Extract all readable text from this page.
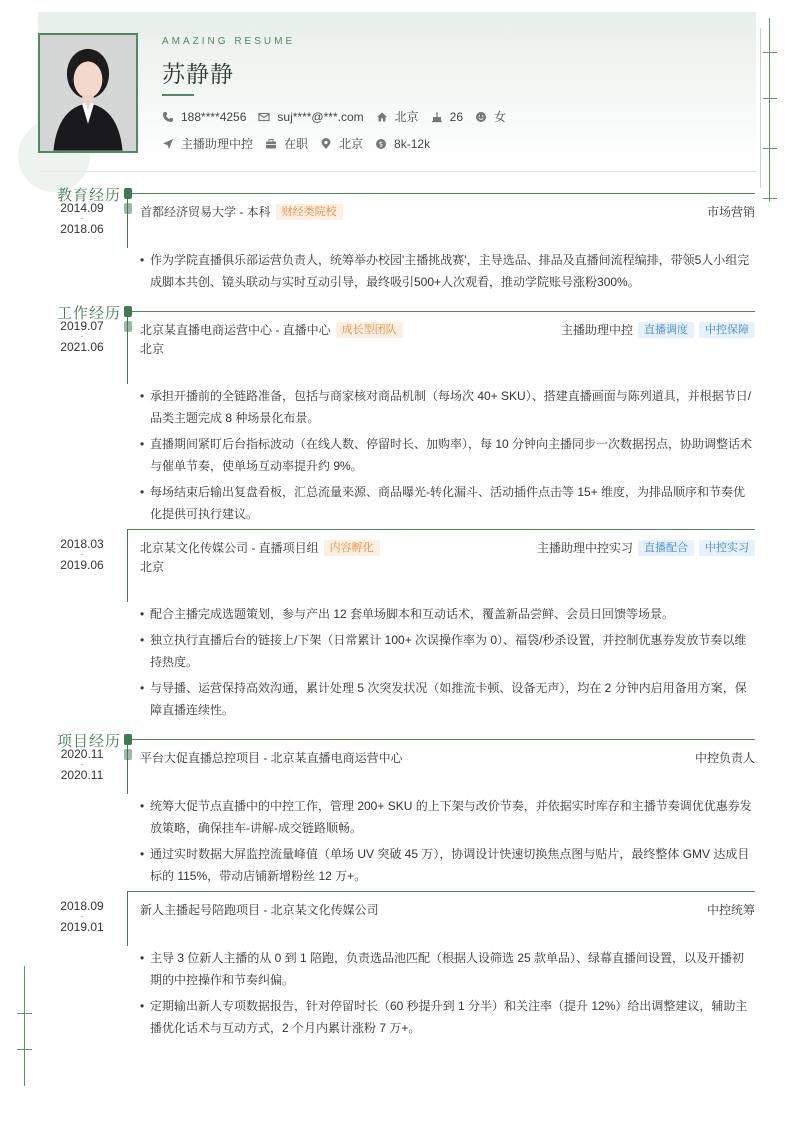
AMAZING RESUME
苏静静
188****4256	suj****@***.com	北京	26	女
主播助理中控	在职	北京 $ 8k-12k
教育经历
2014.09
-
2018.06
首都经济贸易大学 - 本科	财经类院校	市场营销
• 作为学院直播俱乐部运营负责人，统筹举办校园'主播挑战赛'，主导选品、排品及直播间流程编排，带领5人小组完成脚本共创、镜头联动与实时互动引导，最终吸引500+人次观看，推动学院账号涨粉300%。
工作经历
2019.07
-
2021.06
北京某直播电商运营中心 - 直播中心	成长型团队	主播助理中控	直播调度	中控保障
北京
• 承担开播前的全链路准备，包括与商家核对商品机制（每场次 40+ SKU）、搭建直播画面与陈列道具，并根据节日/品类主题完成 8 种场景化布景。
• 直播期间紧盯后台指标波动（在线人数、停留时长、加购率），每 10 分钟向主播同步一次数据拐点，协助调整话术与催单节奏，使单场互动率提升约 9%。
• 每场结束后输出复盘看板，汇总流量来源、商品曝光-转化漏斗、活动插件点击等 15+ 维度，为排品顺序和节奏优化提供可执行建议。
2018.03
-
2019.06
北京某文化传媒公司 - 直播项目组	内容孵化	主播助理中控实习	直播配合	中控实习
北京
• 配合主播完成选题策划，参与产出 12 套单场脚本和互动话术，覆盖新品尝鲜、会员日回馈等场景。
• 独立执行直播后台的链接上/下架（日常累计 100+ 次误操作率为 0）、福袋/秒杀设置，并控制优惠券发放节奏以维持热度。
• 与导播、运营保持高效沟通，累计处理 5 次突发状况（如推流卡顿、设备无声），均在 2 分钟内启用备用方案，保障直播连续性。
项目经历
2020.11
-
2020.11
平台大促直播总控项目 - 北京某直播电商运营中心	中控负责人
• 统筹大促节点直播中的中控工作，管理 200+ SKU 的上下架与改价节奏，并依据实时库存和主播节奏调优优惠券发放策略，确保挂车-讲解-成交链路顺畅。
• 通过实时数据大屏监控流量峰值（单场 UV 突破 45 万），协调设计快速切换焦点图与贴片，最终整体 GMV 达成目标的 115%，带动店铺新增粉丝 12 万+。
2018.09
-
2019.01
新人主播起号陪跑项目 - 北京某文化传媒公司	中控统筹
• 主导 3 位新人主播的从 0 到 1 陪跑，负责选品池匹配（根据人设筛选 25 款单品）、绿幕直播间设置，以及开播初期的中控操作和节奏纠偏。
• 定期输出新人专项数据报告，针对停留时长（60 秒提升到 1 分半）和关注率（提升 12%）给出调整建议，辅助主播优化话术与互动方式，2 个月内累计涨粉 7 万+。
